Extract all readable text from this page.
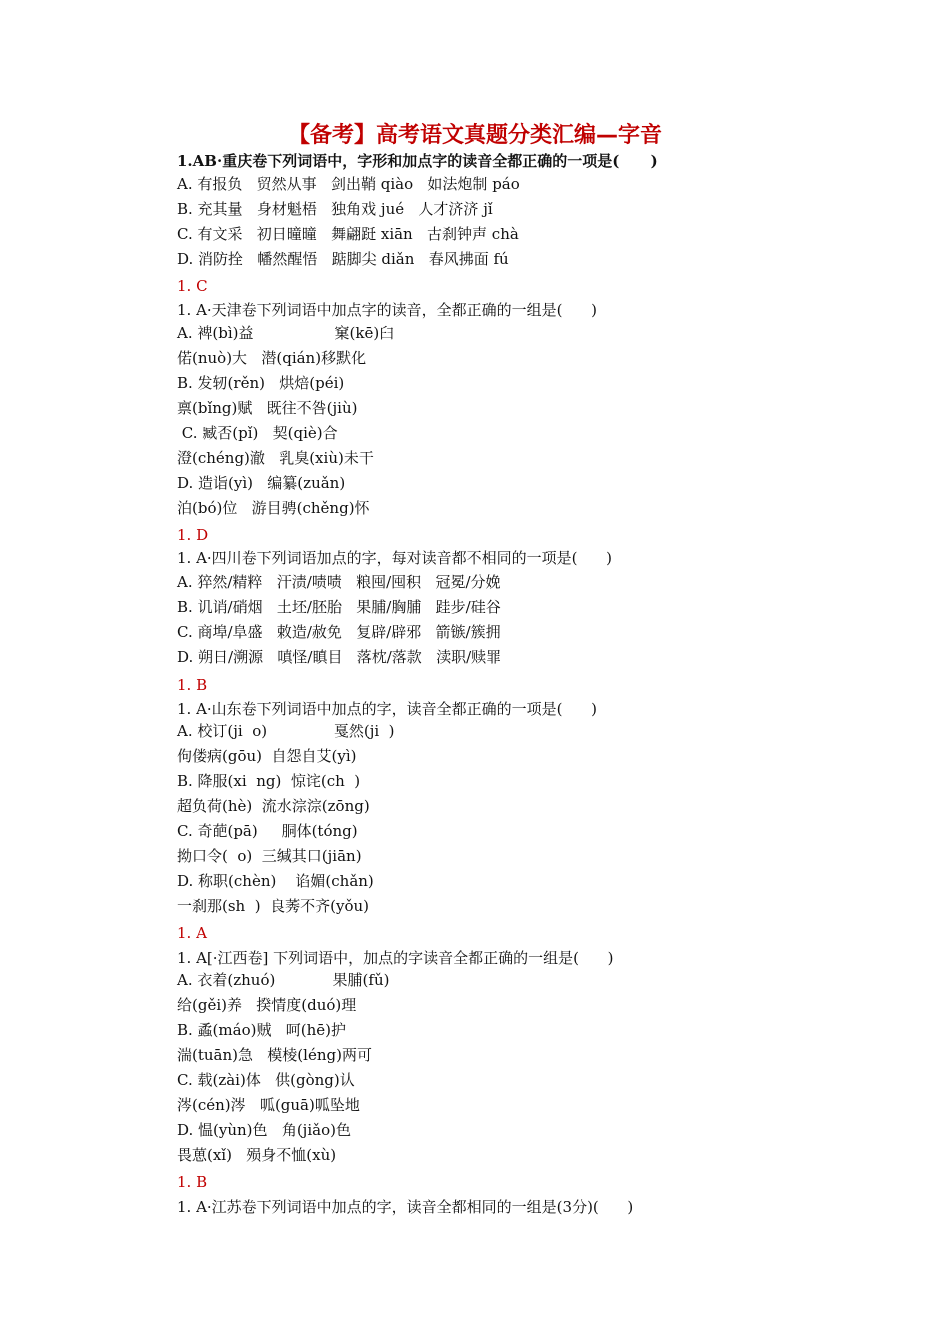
【备考】高考语文真题分类汇编—字音
1.AB·重庆卷下列词语中，字形和加点字的读音全都正确的一项是(      )
A. 有报负   贸然从事   剑出鞘 qiào   如法炮制 páo
B. 充其量   身材魁梧   独角戏 jué   人才济济 jǐ
C. 有文采   初日曈曈   舞翩跹 xiān   古刹钟声 chà
D. 消防拴   幡然醒悟   踮脚尖 diǎn   春风拂面 fú
1. C
1. A·天津卷下列词语中加点字的读音，全都正确的一组是(      )
A. 裨(bì)益                 窠(kē)臼
偌(nuò)大   潜(qián)移默化
B. 发轫(rěn)   烘焙(péi)
禀(bǐng)赋   既往不咎(jiù)
C. 臧否(pǐ)   契(qiè)合
澄(chéng)澈   乳臭(xiù)未干
D. 造诣(yì)   编纂(zuǎn)
泊(bó)位   游目骋(chěng)怀
1. D
1. A·四川卷下列词语加点的字，每对读音都不相同的一项是(      )
A. 猝然/精粹   汗渍/啧啧   粮囤/囤积   冠冕/分娩
B. 讥诮/硝烟   土坯/胚胎   果脯/胸脯   跬步/硅谷
C. 商埠/阜盛   敕造/赦免   复辟/辟邪   箭镞/簇拥
D. 朔日/溯源   嗔怪/瞋目   落枕/落款   渎职/赎罪
1. B
1. A·山东卷下列词语中加点的字，读音全都正确的一项是(      )
A. 校订(ji  o)              戛然(ji  )
佝偻病(gōu)  自怨自艾(yì)
B. 降服(xi  ng)  惊诧(ch  )
超负荷(hè)  流水淙淙(zōng)
C. 奇葩(pā)     胴体(tóng)
拗口令(  o)  三缄其口(jiān)
D. 称职(chèn)    谄媚(chǎn)
一刹那(sh  )  良莠不齐(yǒu)
1. A
1. A[·江西卷] 下列词语中，加点的字读音全都正确的一组是(      )
A. 衣着(zhuó)            果脯(fǔ)
给(gěi)养   揆情度(duó)理
B. 蟊(máo)贼   呵(hē)护
湍(tuān)急   模棱(léng)两可
C. 载(zài)体   供(gòng)认
涔(cén)涔   呱(guā)呱坠地
D. 愠(yùn)色   角(jiǎo)色
畏葸(xǐ)   殒身不恤(xù)
1. B
1. A·江苏卷下列词语中加点的字，读音全都相同的一组是(3分)(      )
